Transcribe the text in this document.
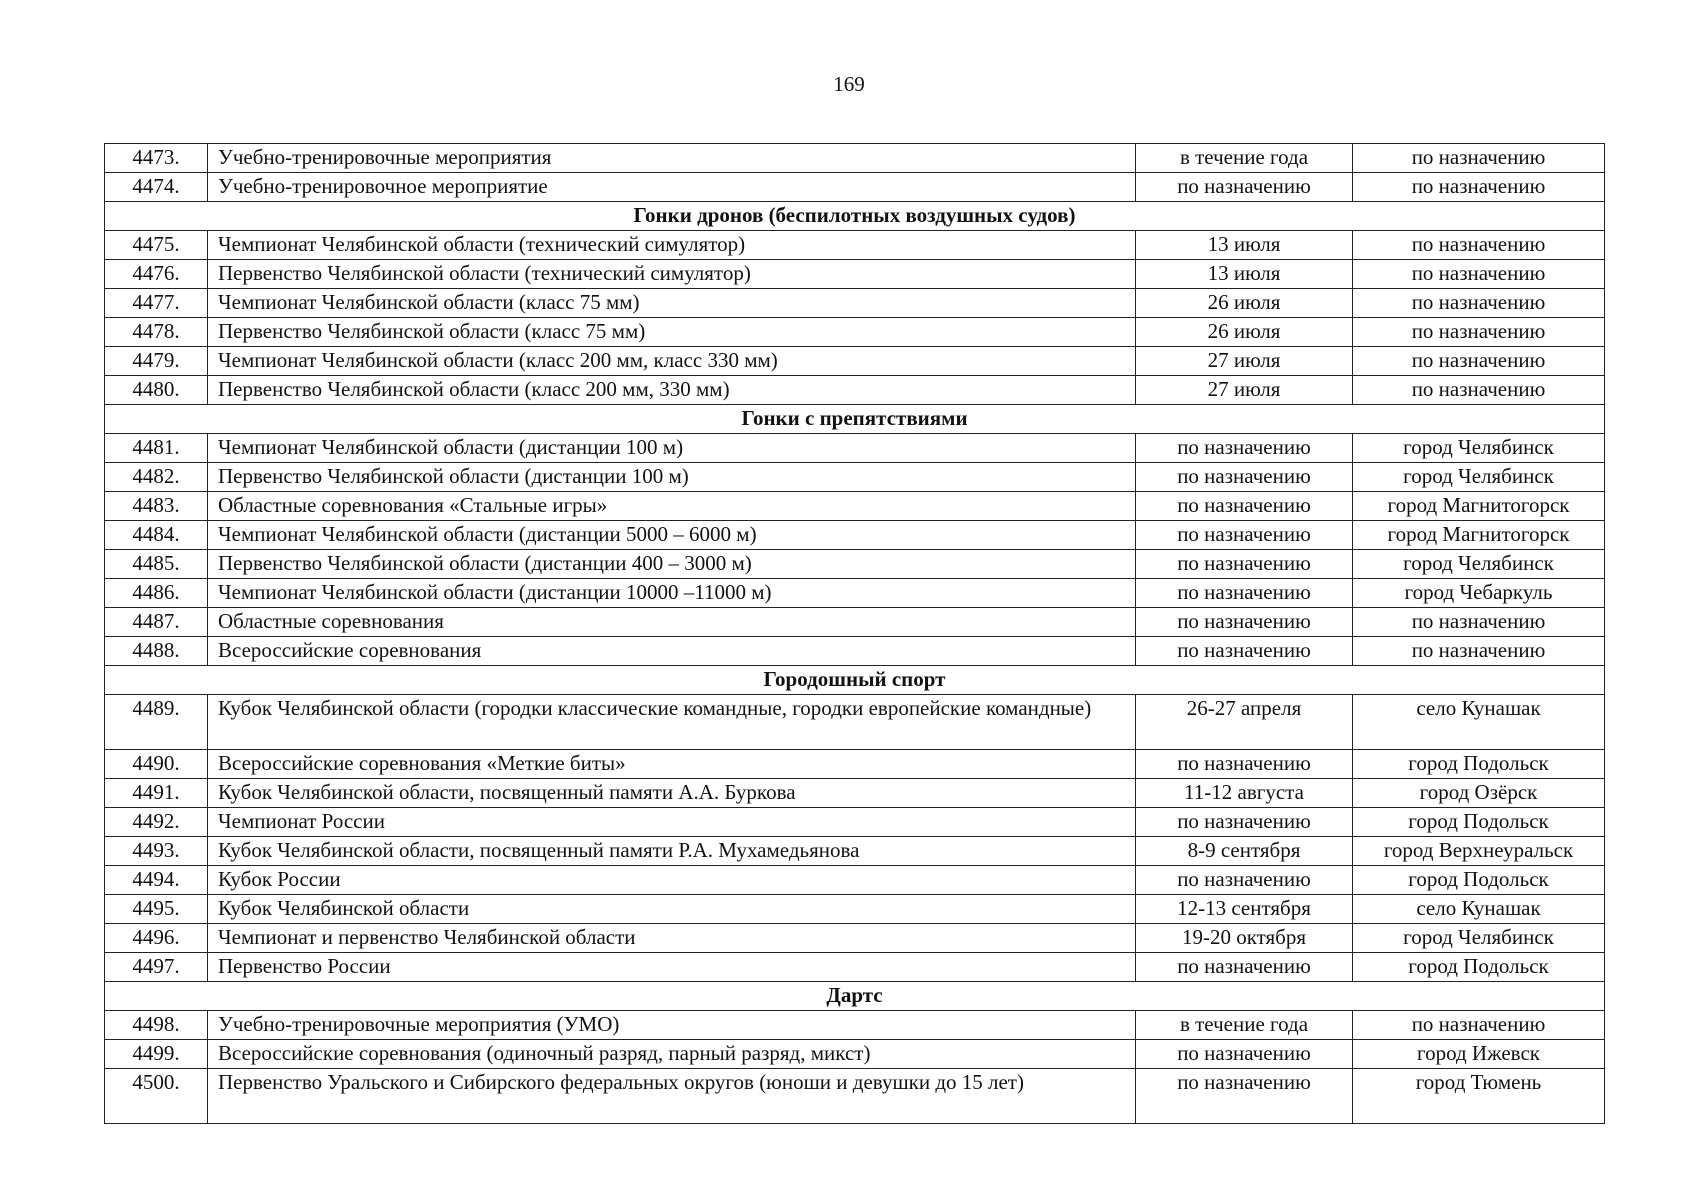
169
4473.	Учебно-тренировочные мероприятия	в течение года	по назначению
4474.	Учебно-тренировочное мероприятие	по назначению	по назначению
Гонки дронов (беспилотных воздушных судов)			
4475.	Чемпионат Челябинской области (технический симулятор)	13 июля	по назначению
4476.	Первенство Челябинской области (технический симулятор)	13 июля	по назначению
4477.	Чемпионат Челябинской области (класс 75 мм)	26 июля	по назначению
4478.	Первенство Челябинской области (класс 75 мм)	26 июля	по назначению
4479.	Чемпионат Челябинской области (класс 200 мм, класс 330 мм)	27 июля	по назначению
4480.	Первенство Челябинской области (класс 200 мм, 330 мм)	27 июля	по назначению
Гонки с препятствиями			
4481.	Чемпионат Челябинской области (дистанции 100 м)	по назначению	город Челябинск
4482.	Первенство Челябинской области (дистанции 100 м)	по назначению	город Челябинск
4483.	Областные соревнования «Стальные игры»	по назначению	город Магнитогорск
4484.	Чемпионат Челябинской области (дистанции 5000 – 6000 м)	по назначению	город Магнитогорск
4485.	Первенство Челябинской области (дистанции 400 – 3000 м)	по назначению	город Челябинск
4486.	Чемпионат Челябинской области (дистанции 10000 –11000 м)	по назначению	город Чебаркуль
4487.	Областные соревнования	по назначению	по назначению
4488.	Всероссийские соревнования	по назначению	по назначению
Городошный спорт			
4489.	Кубок Челябинской области (городки классические командные, городки европейские командные)	26-27 апреля	село Кунашак
4490.	Всероссийские соревнования «Меткие биты»	по назначению	город Подольск
4491.	Кубок Челябинской области, посвященный памяти А.А. Буркова	11-12 августа	город Озёрск
4492.	Чемпионат России	по назначению	город Подольск
4493.	Кубок Челябинской области, посвященный памяти Р.А. Мухамедьянова	8-9 сентября	город Верхнеуральск
4494.	Кубок России	по назначению	город Подольск
4495.	Кубок Челябинской области	12-13 сентября	село Кунашак
4496.	Чемпионат и первенство Челябинской области	19-20 октября	город Челябинск
4497.	Первенство России	по назначению	город Подольск
Дартс			
4498.	Учебно-тренировочные мероприятия (УМО)	в течение года	по назначению
4499.	Всероссийские соревнования (одиночный разряд, парный разряд, микст)	по назначению	город Ижевск
4500.	Первенство Уральского и Сибирского федеральных округов (юноши и девушки до 15 лет)	по назначению	город Тюмень
